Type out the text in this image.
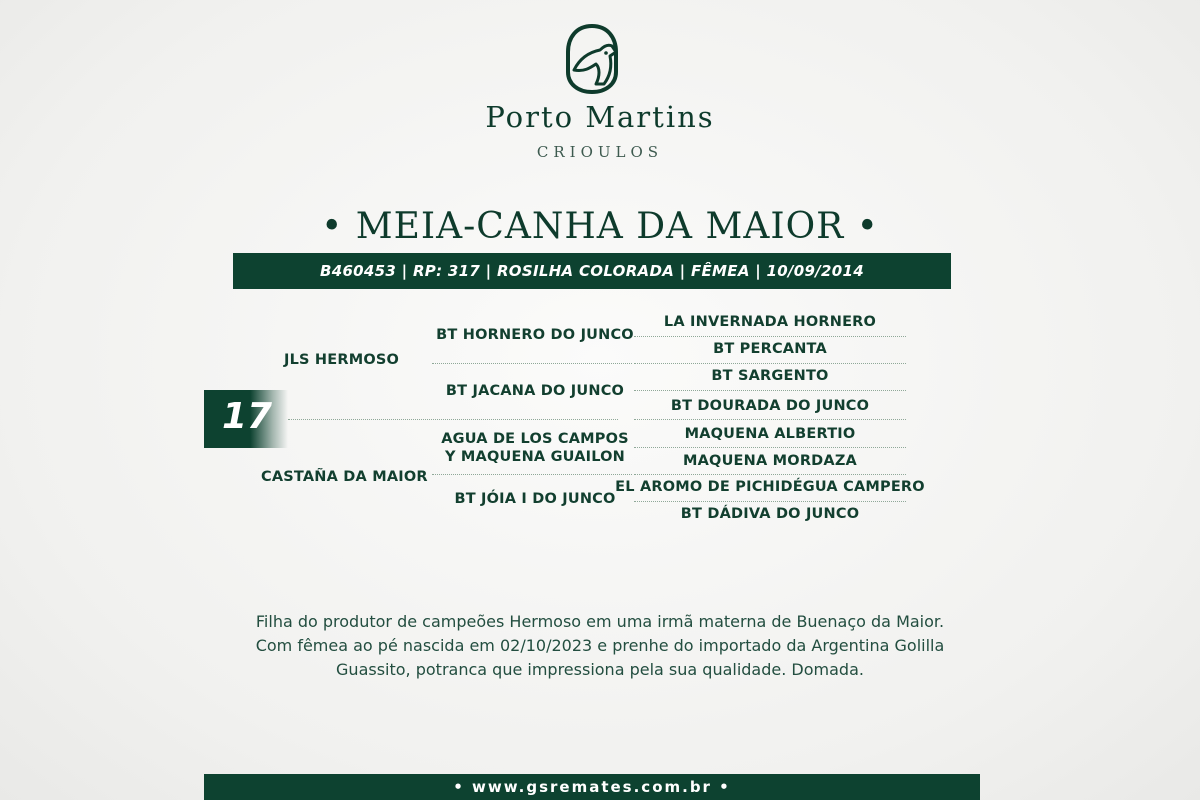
Porto Martins
CRIOULOS
• MEIA-CANHA DA MAIOR •
B460453 | RP: 317 | ROSILHA COLORADA | FÊMEA | 10/09/2014
17
JLS HERMOSO
CASTAÑA DA MAIOR
BT HORNERO DO JUNCO
BT JACANA DO JUNCO
AGUA DE LOS CAMPOS
Y MAQUENA GUAILON
BT JÓIA I DO JUNCO
LA INVERNADA HORNERO
BT PERCANTA
BT SARGENTO
BT DOURADA DO JUNCO
MAQUENA ALBERTIO
MAQUENA MORDAZA
EL AROMO DE PICHIDÉGUA CAMPERO
BT DÁDIVA DO JUNCO
Filha do produtor de campeões Hermoso em uma irmã materna de Buenaço da Maior. Com fêmea ao pé nascida em 02/10/2023 e prenhe do importado da Argentina Golilla Guassito, potranca que impressiona pela sua qualidade. Domada.
• www.gsremates.com.br •
